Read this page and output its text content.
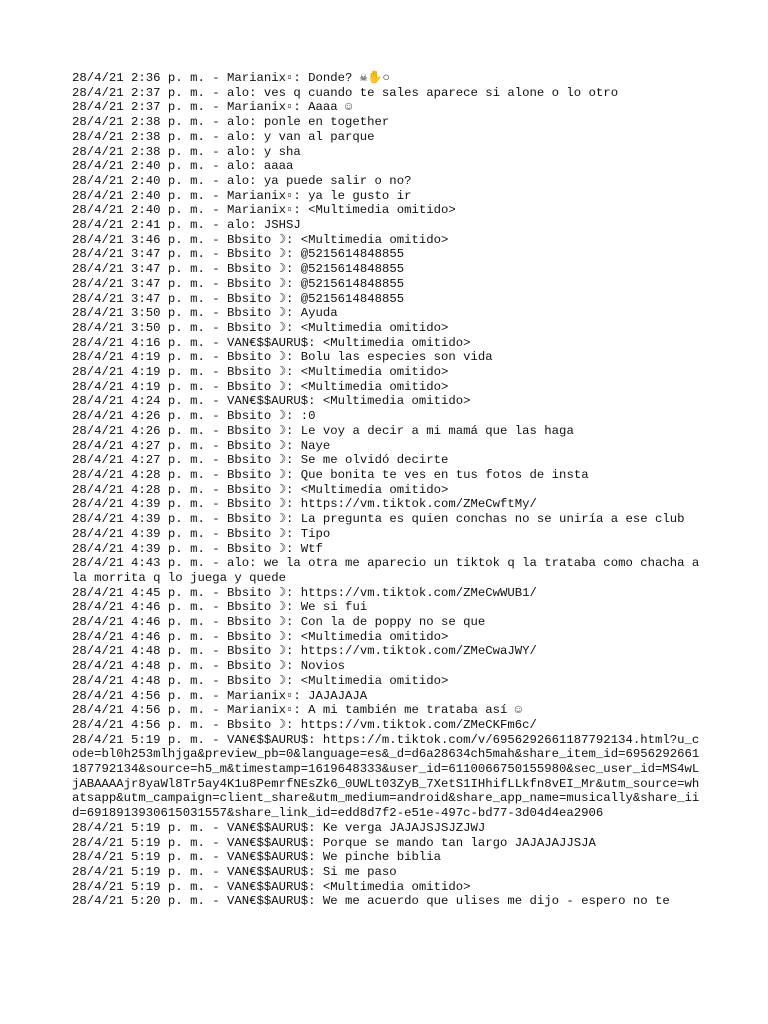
28/4/21 2:36 p. m. - Marianix▫: Donde? ☠✋○
28/4/21 2:37 p. m. - alo: ves q cuando te sales aparece si alone o lo otro
28/4/21 2:37 p. m. - Marianix▫: Aaaa ☺
28/4/21 2:38 p. m. - alo: ponle en together
28/4/21 2:38 p. m. - alo: y van al parque
28/4/21 2:38 p. m. - alo: y sha
28/4/21 2:40 p. m. - alo: aaaa
28/4/21 2:40 p. m. - alo: ya puede salir o no?
28/4/21 2:40 p. m. - Marianix▫: ya le gusto ir
28/4/21 2:40 p. m. - Marianix▫: <Multimedia omitido>
28/4/21 2:41 p. m. - alo: JSHSJ
28/4/21 3:46 p. m. - Bbsito ☽: <Multimedia omitido>
28/4/21 3:47 p. m. - Bbsito ☽: @5215614848855
28/4/21 3:47 p. m. - Bbsito ☽: @5215614848855
28/4/21 3:47 p. m. - Bbsito ☽: @5215614848855
28/4/21 3:47 p. m. - Bbsito ☽: @5215614848855
28/4/21 3:50 p. m. - Bbsito ☽: Ayuda
28/4/21 3:50 p. m. - Bbsito ☽: <Multimedia omitido>
28/4/21 4:16 p. m. - VAN€$$AURU$: <Multimedia omitido>
28/4/21 4:19 p. m. - Bbsito ☽: Bolu las especies son vida
28/4/21 4:19 p. m. - Bbsito ☽: <Multimedia omitido>
28/4/21 4:19 p. m. - Bbsito ☽: <Multimedia omitido>
28/4/21 4:24 p. m. - VAN€$$AURU$: <Multimedia omitido>
28/4/21 4:26 p. m. - Bbsito ☽: :0
28/4/21 4:26 p. m. - Bbsito ☽: Le voy a decir a mi mamá que las haga
28/4/21 4:27 p. m. - Bbsito ☽: Naye
28/4/21 4:27 p. m. - Bbsito ☽: Se me olvidó decirte
28/4/21 4:28 p. m. - Bbsito ☽: Que bonita te ves en tus fotos de insta
28/4/21 4:28 p. m. - Bbsito ☽: <Multimedia omitido>
28/4/21 4:39 p. m. - Bbsito ☽: https://vm.tiktok.com/ZMeCwftMy/
28/4/21 4:39 p. m. - Bbsito ☽: La pregunta es quien conchas no se uniría a ese club
28/4/21 4:39 p. m. - Bbsito ☽: Tipo
28/4/21 4:39 p. m. - Bbsito ☽: Wtf
28/4/21 4:43 p. m. - alo: we la otra me aparecio un tiktok q la trataba como chacha a la morrita q lo juega y quede
28/4/21 4:45 p. m. - Bbsito ☽: https://vm.tiktok.com/ZMeCwWUB1/
28/4/21 4:46 p. m. - Bbsito ☽: We si fui
28/4/21 4:46 p. m. - Bbsito ☽: Con la de poppy no se que
28/4/21 4:46 p. m. - Bbsito ☽: <Multimedia omitido>
28/4/21 4:48 p. m. - Bbsito ☽: https://vm.tiktok.com/ZMeCwaJWY/
28/4/21 4:48 p. m. - Bbsito ☽: Novios
28/4/21 4:48 p. m. - Bbsito ☽: <Multimedia omitido>
28/4/21 4:56 p. m. - Marianix▫: JAJAJAJA
28/4/21 4:56 p. m. - Marianix▫: A mi también me trataba así ☺
28/4/21 4:56 p. m. - Bbsito ☽: https://vm.tiktok.com/ZMeCKFm6c/
28/4/21 5:19 p. m. - VAN€$$AURU$: https://m.tiktok.com/v/6956292661187792134.html?u_code=bl0h253mlhjga&preview_pb=0&language=es&_d=d6a28634ch5mah&share_item_id=6956292661187792134&source=h5_m&timestamp=1619648333&user_id=6110066750155980&sec_user_id=MS4wLjABAAAAjr8yaWl8Tr5ay4K1u8PemrfNEsZk6_0UWLt03ZyB_7XetS1IHhifLLkfn8vEI_Mr&utm_source=whatsapp&utm_campaign=client_share&utm_medium=android&share_app_name=musically&share_iid=6918913930615031557&share_link_id=edd8d7f2-e51e-497c-bd77-3d04d4ea2906
28/4/21 5:19 p. m. - VAN€$$AURU$: Ke verga JAJAJSJSJZJWJ
28/4/21 5:19 p. m. - VAN€$$AURU$: Porque se mando tan largo JAJAJAJJSJA
28/4/21 5:19 p. m. - VAN€$$AURU$: We pinche biblia
28/4/21 5:19 p. m. - VAN€$$AURU$: Si me paso
28/4/21 5:19 p. m. - VAN€$$AURU$: <Multimedia omitido>
28/4/21 5:20 p. m. - VAN€$$AURU$: We me acuerdo que ulises me dijo - espero no te
